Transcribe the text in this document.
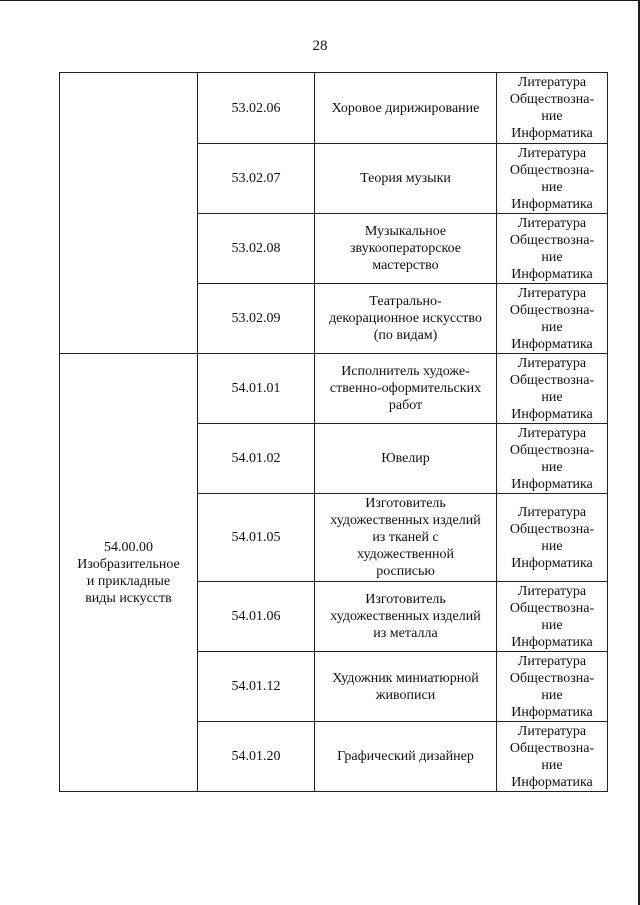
28
	53.02.06	Хоровое дирижирование	Литература
Обществозна-
ние
Информатика

	53.02.07	Теория музыки	Литература
Обществозна-
ние
Информатика

	53.02.08	Музыкальное
звукооператорское
мастерство	Литература
Обществозна-
ние
Информатика

	53.02.09	Театрально-
декорационное искусство
(по видам)	Литература
Обществозна-
ние
Информатика

54.00.00
Изобразительное
и прикладные
виды искусств	54.01.01	Исполнитель художе-
ственно-оформительских
работ	Литература
Обществозна-
ние
Информатика

	54.01.02	Ювелир	Литература
Обществозна-
ние
Информатика

	54.01.05	Изготовитель
художественных изделий
из тканей с
художественной
росписью	Литература
Обществозна-
ние
Информатика

	54.01.06	Изготовитель
художественных изделий
из металла	Литература
Обществозна-
ние
Информатика

	54.01.12	Художник миниатюрной
живописи	Литература
Обществозна-
ние
Информатика

	54.01.20	Графический дизайнер	Литература
Обществозна-
ние
Информатика
